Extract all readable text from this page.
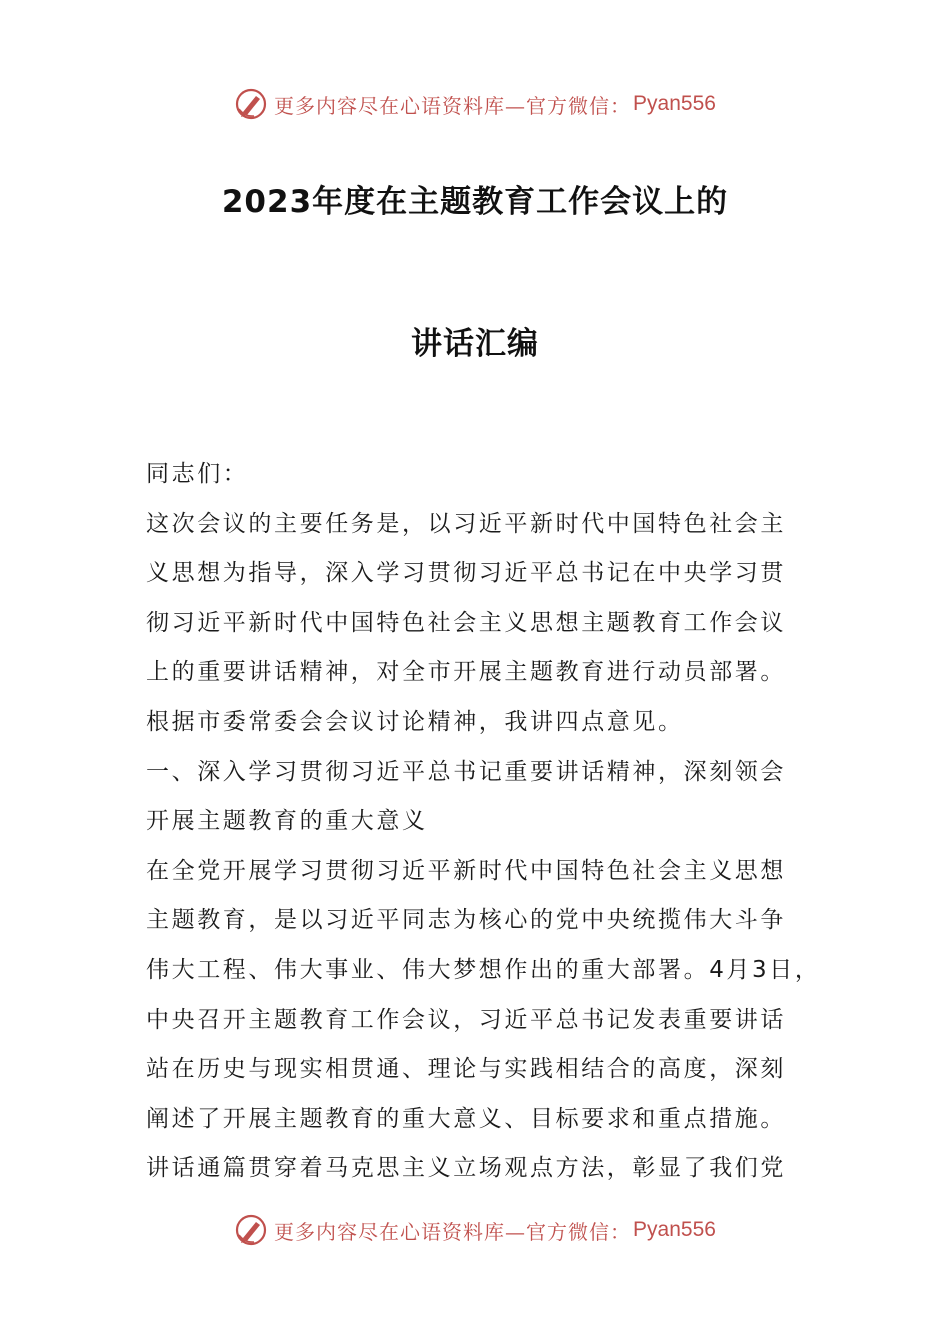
更多内容尽在心语资料库—官方微信： Pyan556
2023年度在主题教育工作会议上的
讲话汇编
同志们：
这次会议的主要任务是，以习近平新时代中国特色社会主
义思想为指导，深入学习贯彻习近平总书记在中央学习贯
彻习近平新时代中国特色社会主义思想主题教育工作会议
上的重要讲话精神，对全市开展主题教育进行动员部署。
根据市委常委会会议讨论精神，我讲四点意见。
一、深入学习贯彻习近平总书记重要讲话精神，深刻领会
开展主题教育的重大意义
在全党开展学习贯彻习近平新时代中国特色社会主义思想
主题教育，是以习近平同志为核心的党中央统揽伟大斗争
伟大工程、伟大事业、伟大梦想作出的重大部署。4月3日，
中央召开主题教育工作会议，习近平总书记发表重要讲话
站在历史与现实相贯通、理论与实践相结合的高度，深刻
阐述了开展主题教育的重大意义、目标要求和重点措施。
讲话通篇贯穿着马克思主义立场观点方法，彰显了我们党
更多内容尽在心语资料库—官方微信： Pyan556
